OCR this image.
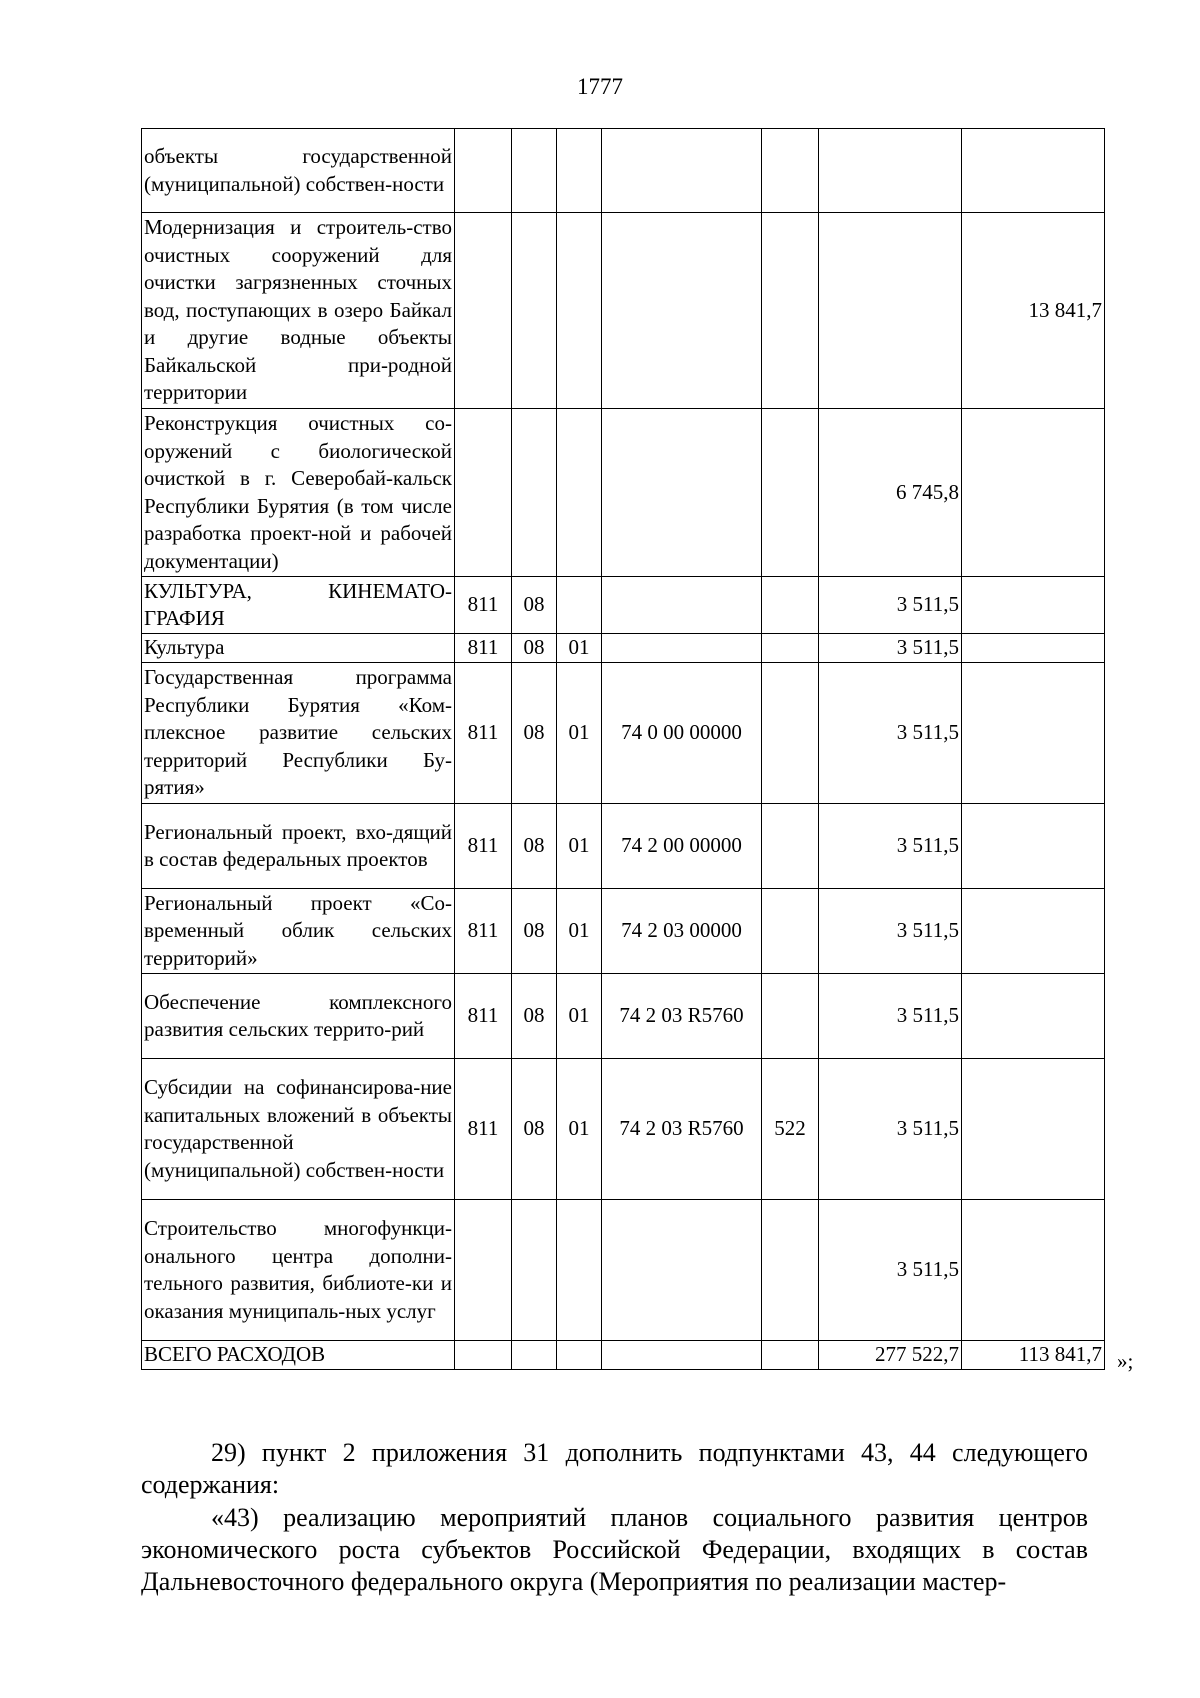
1777
объекты государственной (муниципальной) собствен-ности							
Модернизация и строитель-ство очистных сооружений для очистки загрязненных сточных вод, поступающих в озеро Байкал и другие водные объекты Байкальской при-родной территории							13 841,7
Реконструкция очистных со-оружений с биологической очисткой в г. Северобай-кальск Республики Бурятия (в том числе разработка проект-ной и рабочей документации)						6 745,8	
КУЛЬТУРА, КИНЕМАТО-ГРАФИЯ	811	08				3 511,5	
Культура	811	08	01			3 511,5	
Государственная программа Республики Бурятия «Ком-плексное развитие сельских территорий Республики Бу-рятия»	811	08	01	74 0 00 00000		3 511,5	
Региональный проект, вхо-дящий в состав федеральных проектов	811	08	01	74 2 00 00000		3 511,5	
Региональный проект «Со-временный облик сельских территорий»	811	08	01	74 2 03 00000		3 511,5	
Обеспечение комплексного развития сельских террито-рий	811	08	01	74 2 03 R5760		3 511,5	
Субсидии на софинансирова-ние капитальных вложений в объекты государственной (муниципальной) собствен-ности	811	08	01	74 2 03 R5760	522	3 511,5	
Строительство многофункци-онального центра дополни-тельного развития, библиоте-ки и оказания муниципаль-ных услуг						3 511,5	
ВСЕГО РАСХОДОВ						277 522,7	113 841,7 »;

29) пункт 2 приложения 31 дополнить подпунктами 43, 44 следующего содержания:

«43) реализацию мероприятий планов социального развития центров экономического роста субъектов Российской Федерации, входящих в состав Дальневосточного федерального округа (Мероприятия по реализации мастер-
